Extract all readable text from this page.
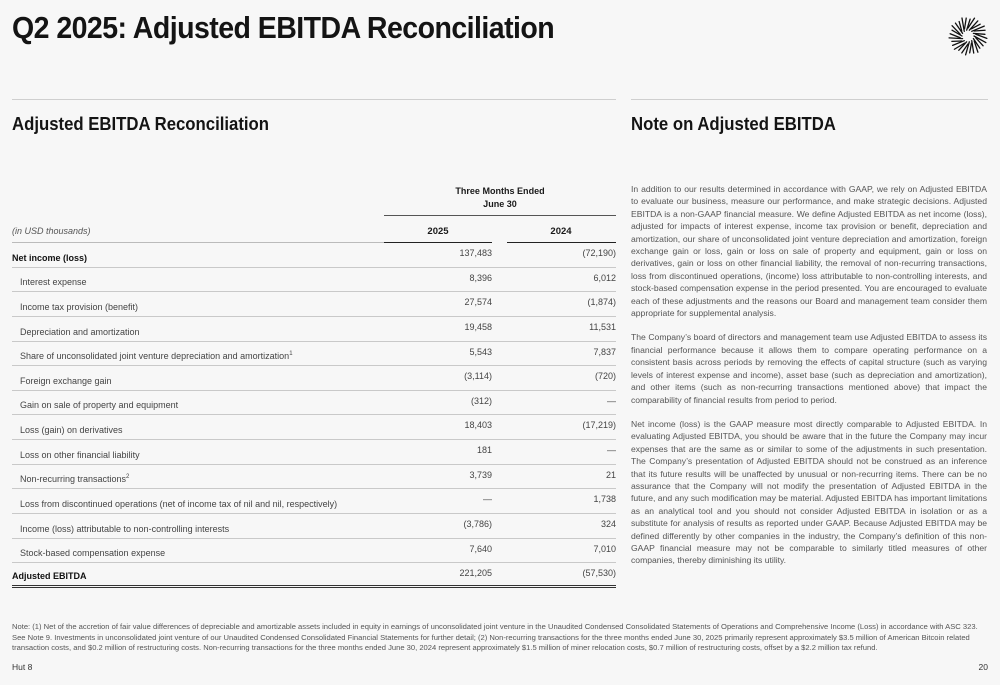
Q2 2025: Adjusted EBITDA Reconciliation
Adjusted EBITDA Reconciliation	Note on Adjusted EBITDA
Three Months Ended
June 30
(in USD thousands)	2025	2024
Net income (loss)	137,483	(72,190)
Interest expense	8,396	6,012
Income tax provision (benefit)	27,574	(1,874)
Depreciation and amortization	19,458	11,531
Share of unconsolidated joint venture depreciation and amortization$^1$	5,543	7,837
Foreign exchange gain	(3,114)	(720)
Gain on sale of property and equipment	(312)	—
Loss (gain) on derivatives	18,403	(17,219)
Loss on other financial liability	181	—
Non-recurring transactions$^2$	3,739	21
Loss from discontinued operations (net of income tax of nil and nil, respectively)	—	1,738
Income (loss) attributable to non-controlling interests	(3,786)	324
Stock-based compensation expense	7,640	7,010
Adjusted EBITDA	221,205	(57,530)

In addition to our results determined in accordance with GAAP, we rely on Adjusted EBITDA to evaluate our business, measure our performance, and make strategic decisions. Adjusted EBITDA is a non-GAAP financial measure. We define Adjusted EBITDA as net income (loss), adjusted for impacts of interest expense, income tax provision or benefit, depreciation and amortization, our share of unconsolidated joint venture depreciation and amortization, foreign exchange gain or loss, gain or loss on sale of property and equipment, gain or loss on derivatives, gain or loss on other financial liability, the removal of non-recurring transactions, loss from discontinued operations, (income) loss attributable to non-controlling interests, and stock-based compensation expense in the period presented. You are encouraged to evaluate each of these adjustments and the reasons our Board and management team consider them appropriate for supplemental analysis.

The Company’s board of directors and management team use Adjusted EBITDA to assess its financial performance because it allows them to compare operating performance on a consistent basis across periods by removing the effects of capital structure (such as varying levels of interest expense and income), asset base (such as depreciation and amortization), and other items (such as non-recurring transactions mentioned above) that impact the comparability of financial results from period to period.

Net income (loss) is the GAAP measure most directly comparable to Adjusted EBITDA. In evaluating Adjusted EBITDA, you should be aware that in the future the Company may incur expenses that are the same as or similar to some of the adjustments in such presentation. The Company’s presentation of Adjusted EBITDA should not be construed as an inference that its future results will be unaffected by unusual or non-recurring items. There can be no assurance that the Company will not modify the presentation of Adjusted EBITDA in the future, and any such modification may be material. Adjusted EBITDA has important limitations as an analytical tool and you should not consider Adjusted EBITDA in isolation or as a substitute for analysis of results as reported under GAAP. Because Adjusted EBITDA may be defined differently by other companies in the industry, the Company’s definition of this non-GAAP financial measure may not be comparable to similarly titled measures of other companies, thereby diminishing its utility.

Note: (1) Net of the accretion of fair value differences of depreciable and amortizable assets included in equity in earnings of unconsolidated joint venture in the Unaudited Condensed Consolidated Statements of Operations and Comprehensive Income (Loss) in accordance with ASC 323. See Note 9. Investments in unconsolidated joint venture of our Unaudited Condensed Consolidated Financial Statements for further detail; (2) Non-recurring transactions for the three months ended June 30, 2025 primarily represent approximately $3.5 million of American Bitcoin related transaction costs, and $0.2 million of restructuring costs. Non-recurring transactions for the three months ended June 30, 2024 represent approximately $1.5 million of miner relocation costs, $0.7 million of restructuring costs, offset by a $2.2 million tax refund.
Hut 8	20
